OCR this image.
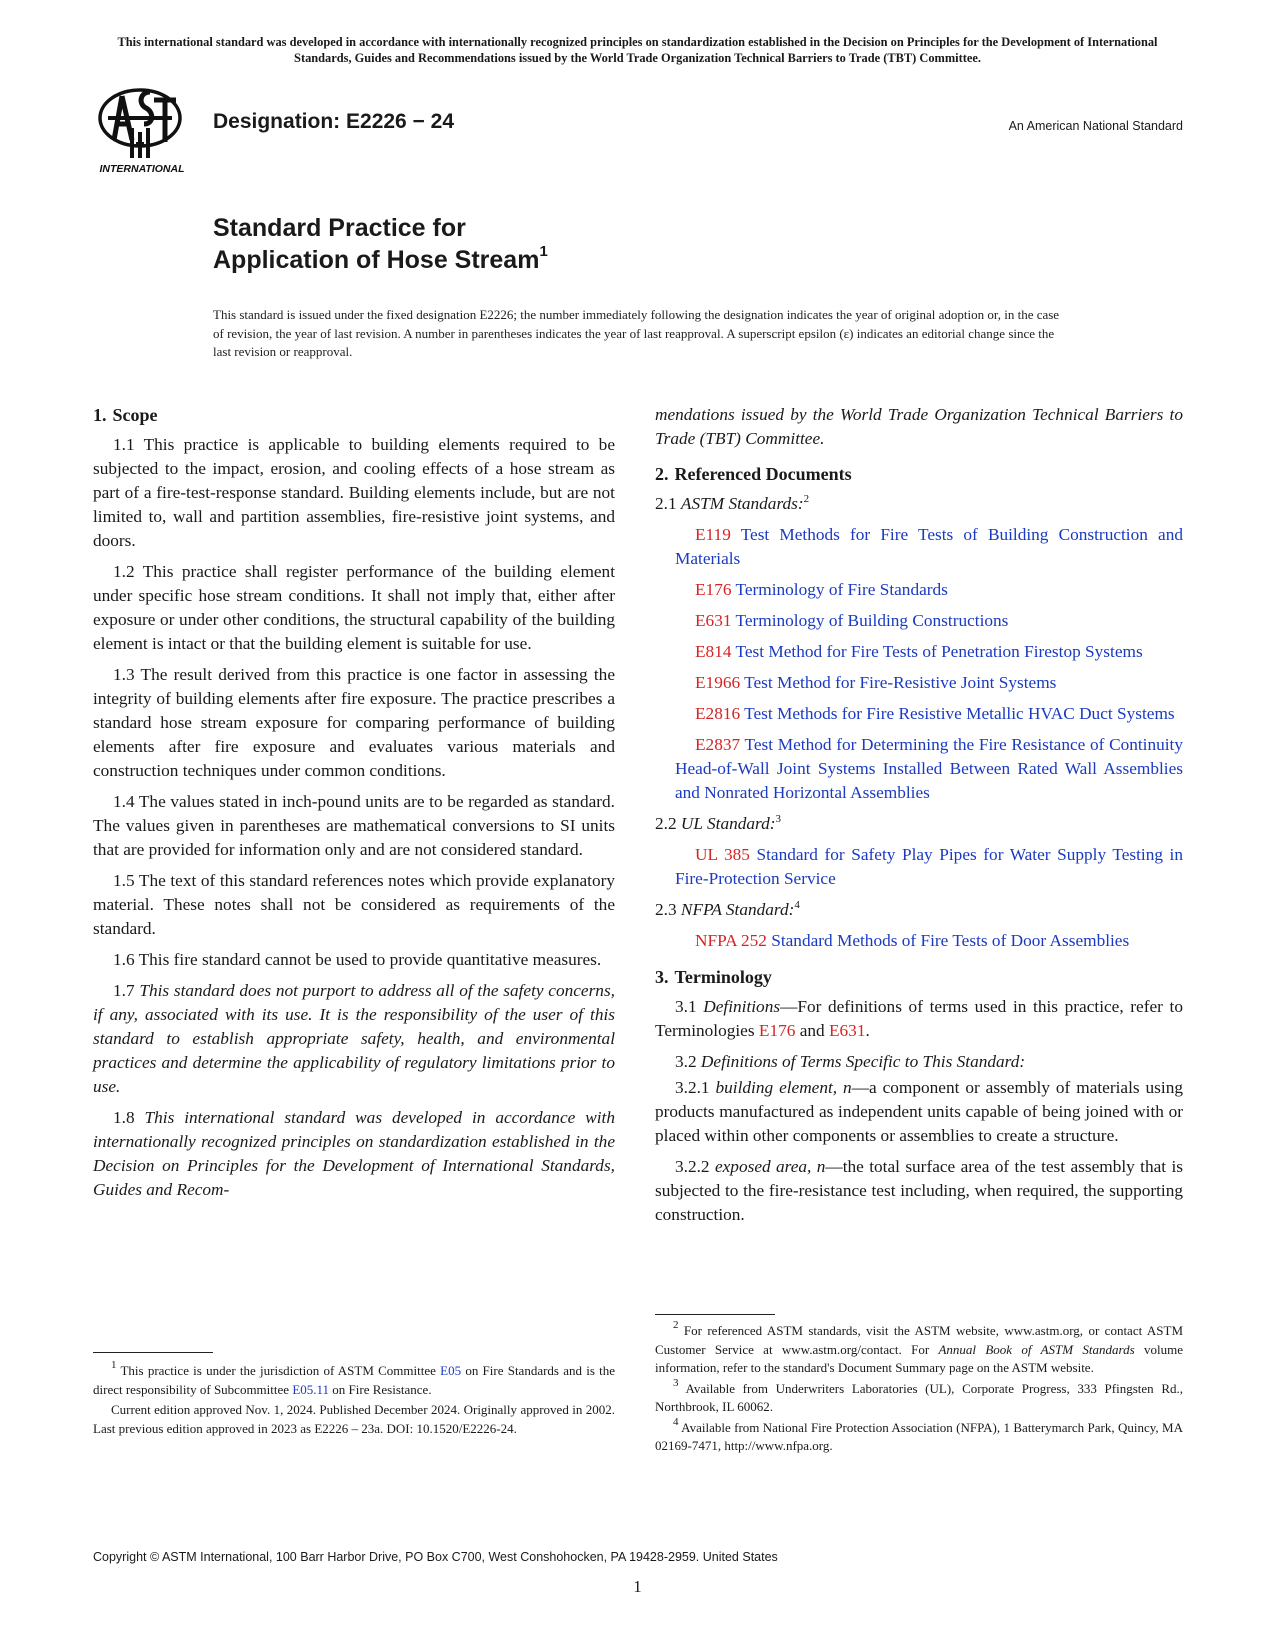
This international standard was developed in accordance with internationally recognized principles on standardization established in the Decision on Principles for the Development of International Standards, Guides and Recommendations issued by the World Trade Organization Technical Barriers to Trade (TBT) Committee.
INTERNATIONAL
Designation: E2226 − 24	An American National Standard
Standard Practice for
Application of Hose Stream$^1$
This standard is issued under the fixed designation E2226; the number immediately following the designation indicates the year of original adoption or, in the case of revision, the year of last revision. A number in parentheses indicates the year of last reapproval. A superscript epsilon (ε) indicates an editorial change since the last revision or reapproval.
1. Scope

1.1 This practice is applicable to building elements required to be subjected to the impact, erosion, and cooling effects of a hose stream as part of a fire-test-response standard. Building elements include, but are not limited to, wall and partition assemblies, fire-resistive joint systems, and doors.

1.2 This practice shall register performance of the building element under specific hose stream conditions. It shall not imply that, either after exposure or under other conditions, the structural capability of the building element is intact or that the building element is suitable for use.

1.3 The result derived from this practice is one factor in assessing the integrity of building elements after fire exposure. The practice prescribes a standard hose stream exposure for comparing performance of building elements after fire exposure and evaluates various materials and construction techniques under common conditions.

1.4 The values stated in inch-pound units are to be regarded as standard. The values given in parentheses are mathematical conversions to SI units that are provided for information only and are not considered standard.

1.5 The text of this standard references notes which provide explanatory material. These notes shall not be considered as requirements of the standard.

1.6 This fire standard cannot be used to provide quantitative measures.

1.7 This standard does not purport to address all of the safety concerns, if any, associated with its use. It is the responsibility of the user of this standard to establish appropriate safety, health, and environmental practices and determine the applicability of regulatory limitations prior to use.

1.8 This international standard was developed in accordance with internationally recognized principles on standardization established in the Decision on Principles for the Development of International Standards, Guides and Recom-

mendations issued by the World Trade Organization Technical Barriers to Trade (TBT) Committee.

2. Referenced Documents

2.1 ASTM Standards:$^2$

E119 Test Methods for Fire Tests of Building Construction and Materials

E176 Terminology of Fire Standards

E631 Terminology of Building Constructions

E814 Test Method for Fire Tests of Penetration Firestop Systems

E1966 Test Method for Fire-Resistive Joint Systems

E2816 Test Methods for Fire Resistive Metallic HVAC Duct Systems

E2837 Test Method for Determining the Fire Resistance of Continuity Head-of-Wall Joint Systems Installed Between Rated Wall Assemblies and Nonrated Horizontal Assemblies

2.2 UL Standard:$^3$

UL 385 Standard for Safety Play Pipes for Water Supply Testing in Fire-Protection Service

2.3 NFPA Standard:$^4$

NFPA 252 Standard Methods of Fire Tests of Door Assemblies

3. Terminology

3.1 Definitions—For definitions of terms used in this practice, refer to Terminologies E176 and E631.

3.2 Definitions of Terms Specific to This Standard:

3.2.1 building element, n—a component or assembly of materials using products manufactured as independent units capable of being joined with or placed within other components or assemblies to create a structure.

3.2.2 exposed area, n—the total surface area of the test assembly that is subjected to the fire-resistance test including, when required, the supporting construction.

$^1$ This practice is under the jurisdiction of ASTM Committee E05 on Fire Standards and is the direct responsibility of Subcommittee E05.11 on Fire Resistance.

Current edition approved Nov. 1, 2024. Published December 2024. Originally approved in 2002. Last previous edition approved in 2023 as E2226 – 23a. DOI: 10.1520/E2226-24.

$^2$ For referenced ASTM standards, visit the ASTM website, www.astm.org, or contact ASTM Customer Service at www.astm.org/contact. For Annual Book of ASTM Standards volume information, refer to the standard's Document Summary page on the ASTM website.

$^3$ Available from Underwriters Laboratories (UL), Corporate Progress, 333 Pfingsten Rd., Northbrook, IL 60062.

$^4$ Available from National Fire Protection Association (NFPA), 1 Batterymarch Park, Quincy, MA 02169-7471, http://www.nfpa.org.

Copyright © ASTM International, 100 Barr Harbor Drive, PO Box C700, West Conshohocken, PA 19428-2959. United States
1
